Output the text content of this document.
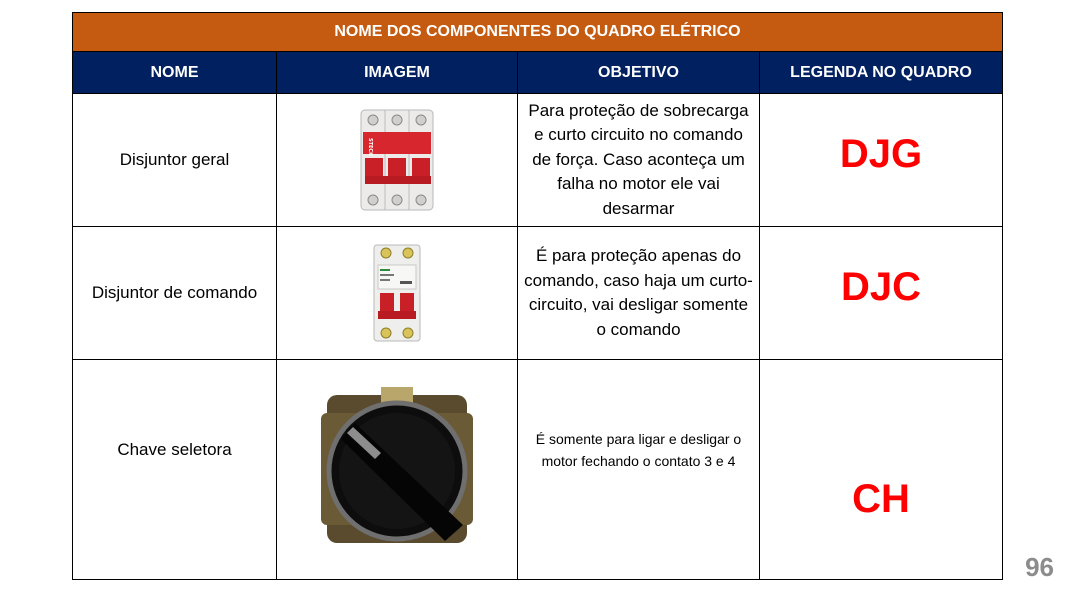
NOME DOS COMPONENTES DO QUADRO ELÉTRICO			
NOME	IMAGEM	OBJETIVO	LEGENDA NO QUADRO
Disjuntor geral	STECK	Para proteção de sobrecarga e curto circuito no comando de força. Caso aconteça um falha no motor ele vai desarmar	DJG
Disjuntor de comando		É para proteção apenas do comando, caso haja um curto-circuito, vai desligar somente o comando	DJC
Chave seletora		É somente para ligar e desligar o motor fechando o contato 3 e 4	CH
96
